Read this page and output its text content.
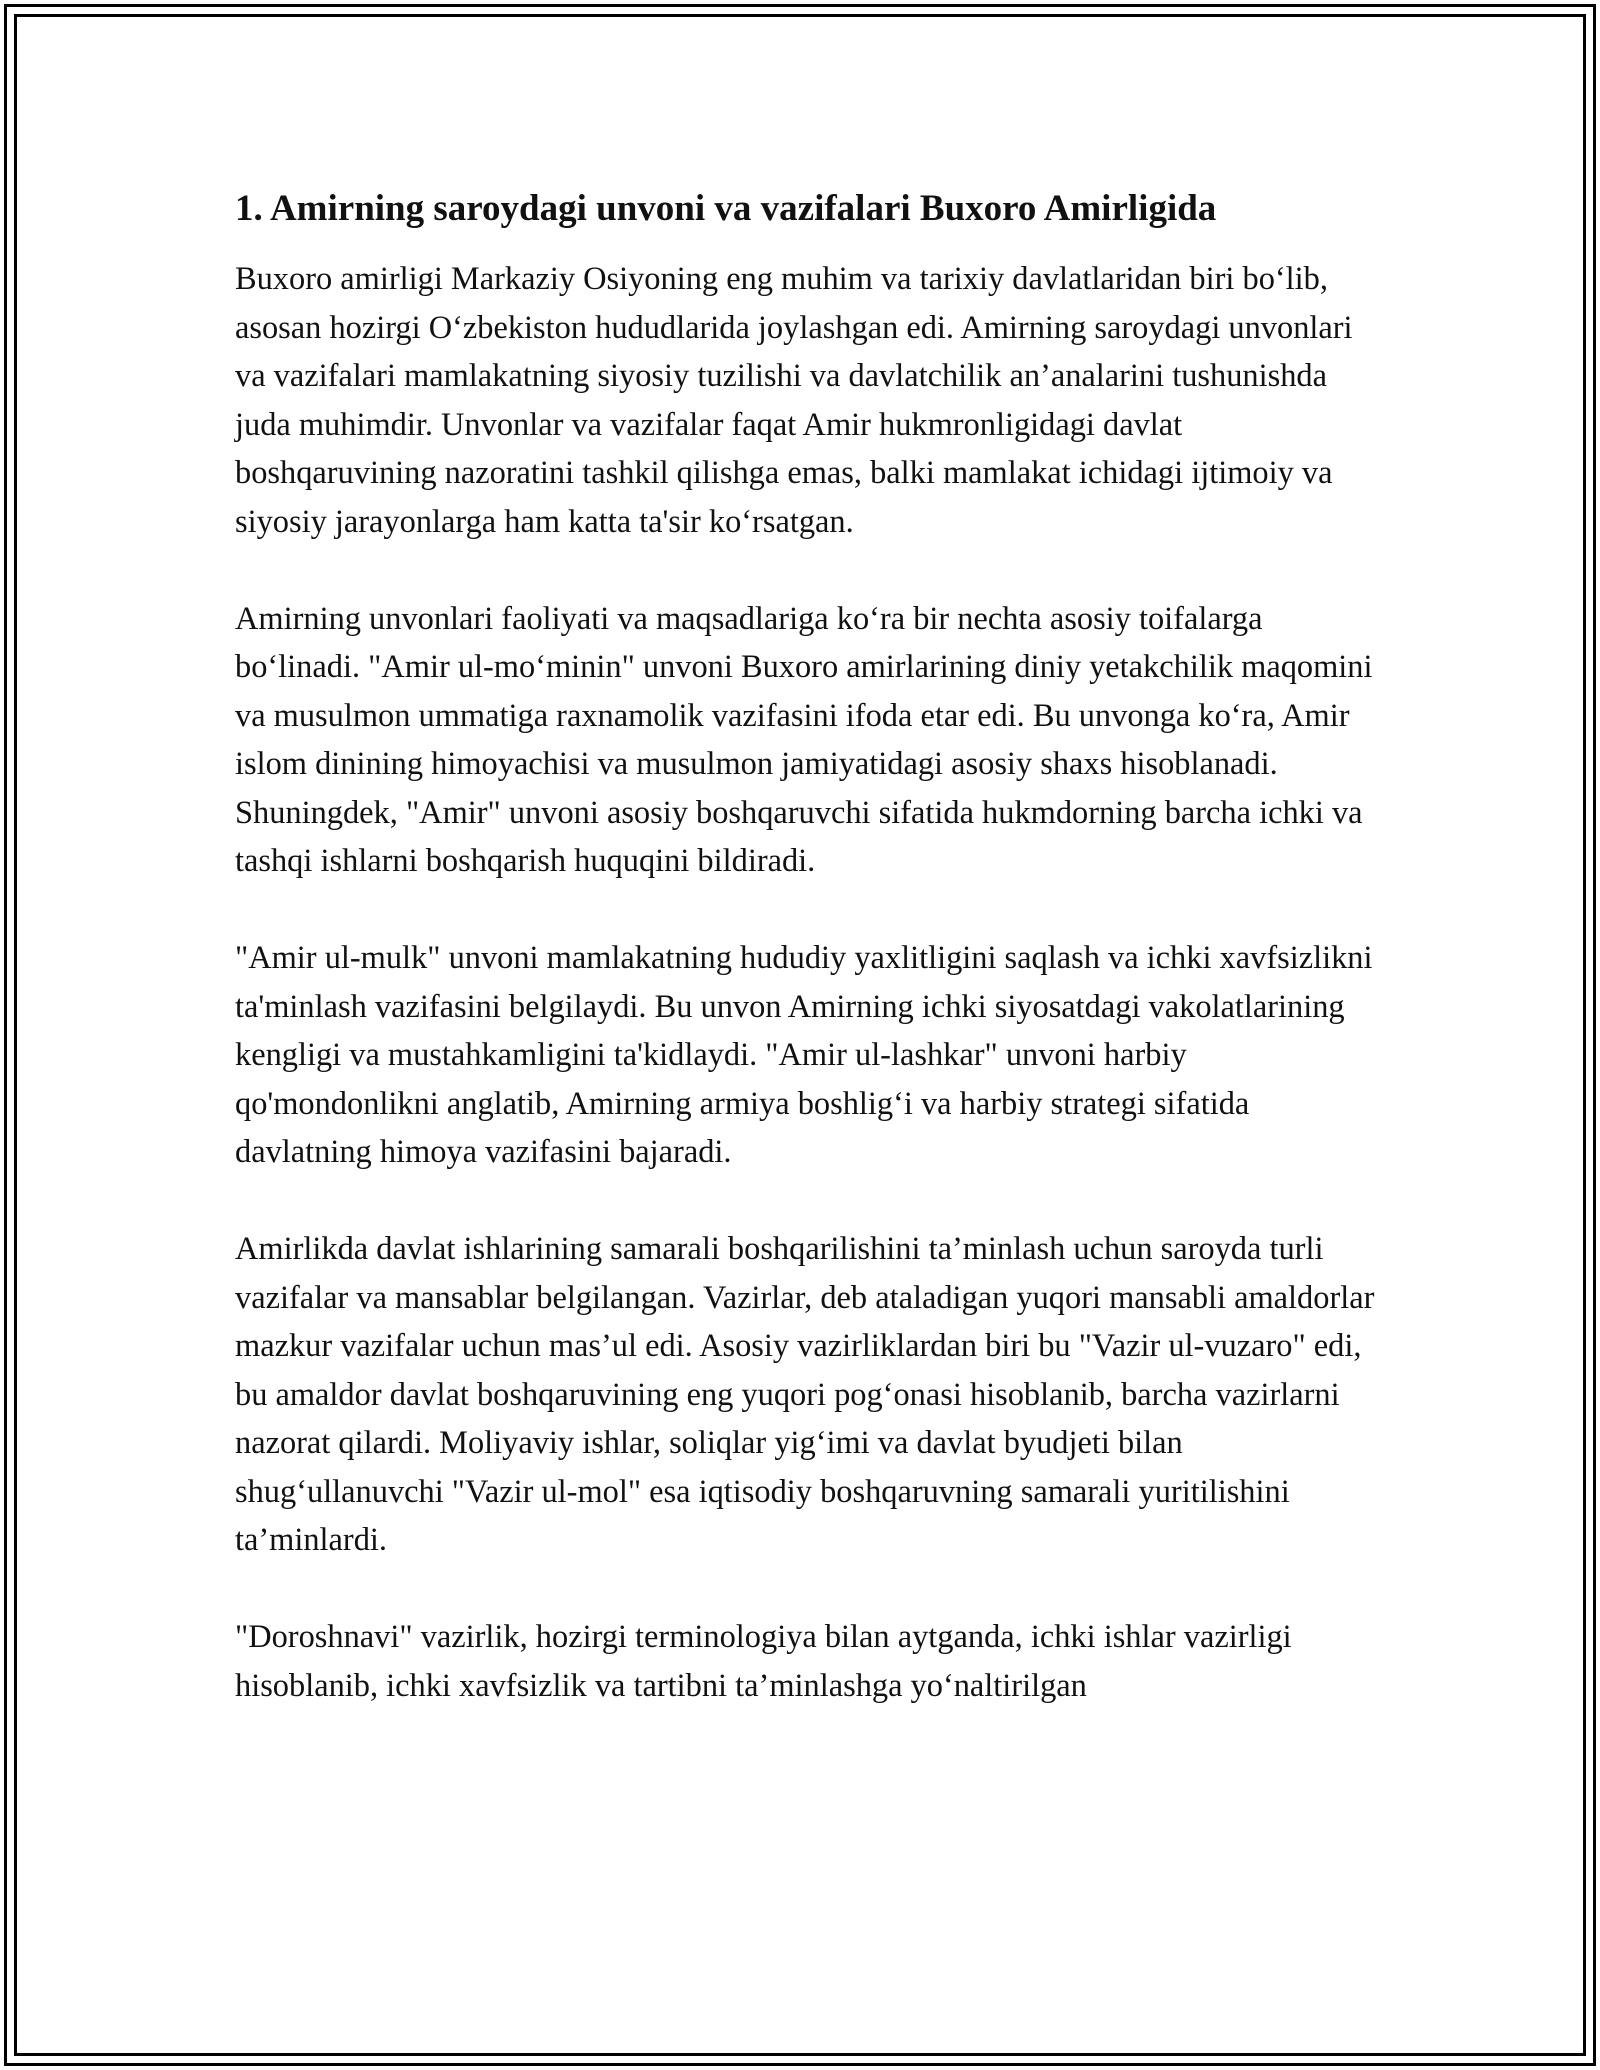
1. Amirning saroydagi unvoni va vazifalari Buxoro Amirligida

Buxoro amirligi Markaziy Osiyoning eng muhim va tarixiy davlatlaridan biri bo‘lib, asosan hozirgi O‘zbekiston hududlarida joylashgan edi. Amirning saroydagi unvonlari va vazifalari mamlakatning siyosiy tuzilishi va davlatchilik an’analarini tushunishda juda muhimdir. Unvonlar va vazifalar faqat Amir hukmronligidagi davlat boshqaruvining nazoratini tashkil qilishga emas, balki mamlakat ichidagi ijtimoiy va siyosiy jarayonlarga ham katta ta'sir ko‘rsatgan.

Amirning unvonlari faoliyati va maqsadlariga ko‘ra bir nechta asosiy toifalarga bo‘linadi. "Amir ul-mo‘minin" unvoni Buxoro amirlarining diniy yetakchilik maqomini va musulmon ummatiga raxnamolik vazifasini ifoda etar edi. Bu unvonga ko‘ra, Amir islom dinining himoyachisi va musulmon jamiyatidagi asosiy shaxs hisoblanadi. Shuningdek, "Amir" unvoni asosiy boshqaruvchi sifatida hukmdorning barcha ichki va tashqi ishlarni boshqarish huquqini bildiradi.

"Amir ul-mulk" unvoni mamlakatning hududiy yaxlitligini saqlash va ichki xavfsizlikni ta'minlash vazifasini belgilaydi. Bu unvon Amirning ichki siyosatdagi vakolatlarining kengligi va mustahkamligini ta'kidlaydi. "Amir ul-lashkar" unvoni harbiy qo'mondonlikni anglatib, Amirning armiya boshlig‘i va harbiy strategi sifatida davlatning himoya vazifasini bajaradi.

Amirlikda davlat ishlarining samarali boshqarilishini ta’minlash uchun saroyda turli vazifalar va mansablar belgilangan. Vazirlar, deb ataladigan yuqori mansabli amaldorlar mazkur vazifalar uchun mas’ul edi. Asosiy vazirliklardan biri bu "Vazir ul-vuzaro" edi, bu amaldor davlat boshqaruvining eng yuqori pog‘onasi hisoblanib, barcha vazirlarni nazorat qilardi. Moliyaviy ishlar, soliqlar yig‘imi va davlat byudjeti bilan shug‘ullanuvchi "Vazir ul-mol" esa iqtisodiy boshqaruvning samarali yuritilishini ta’minlardi.

"Doroshnavi" vazirlik, hozirgi terminologiya bilan aytganda, ichki ishlar vazirligi hisoblanib, ichki xavfsizlik va tartibni ta’minlashga yo‘naltirilgan
